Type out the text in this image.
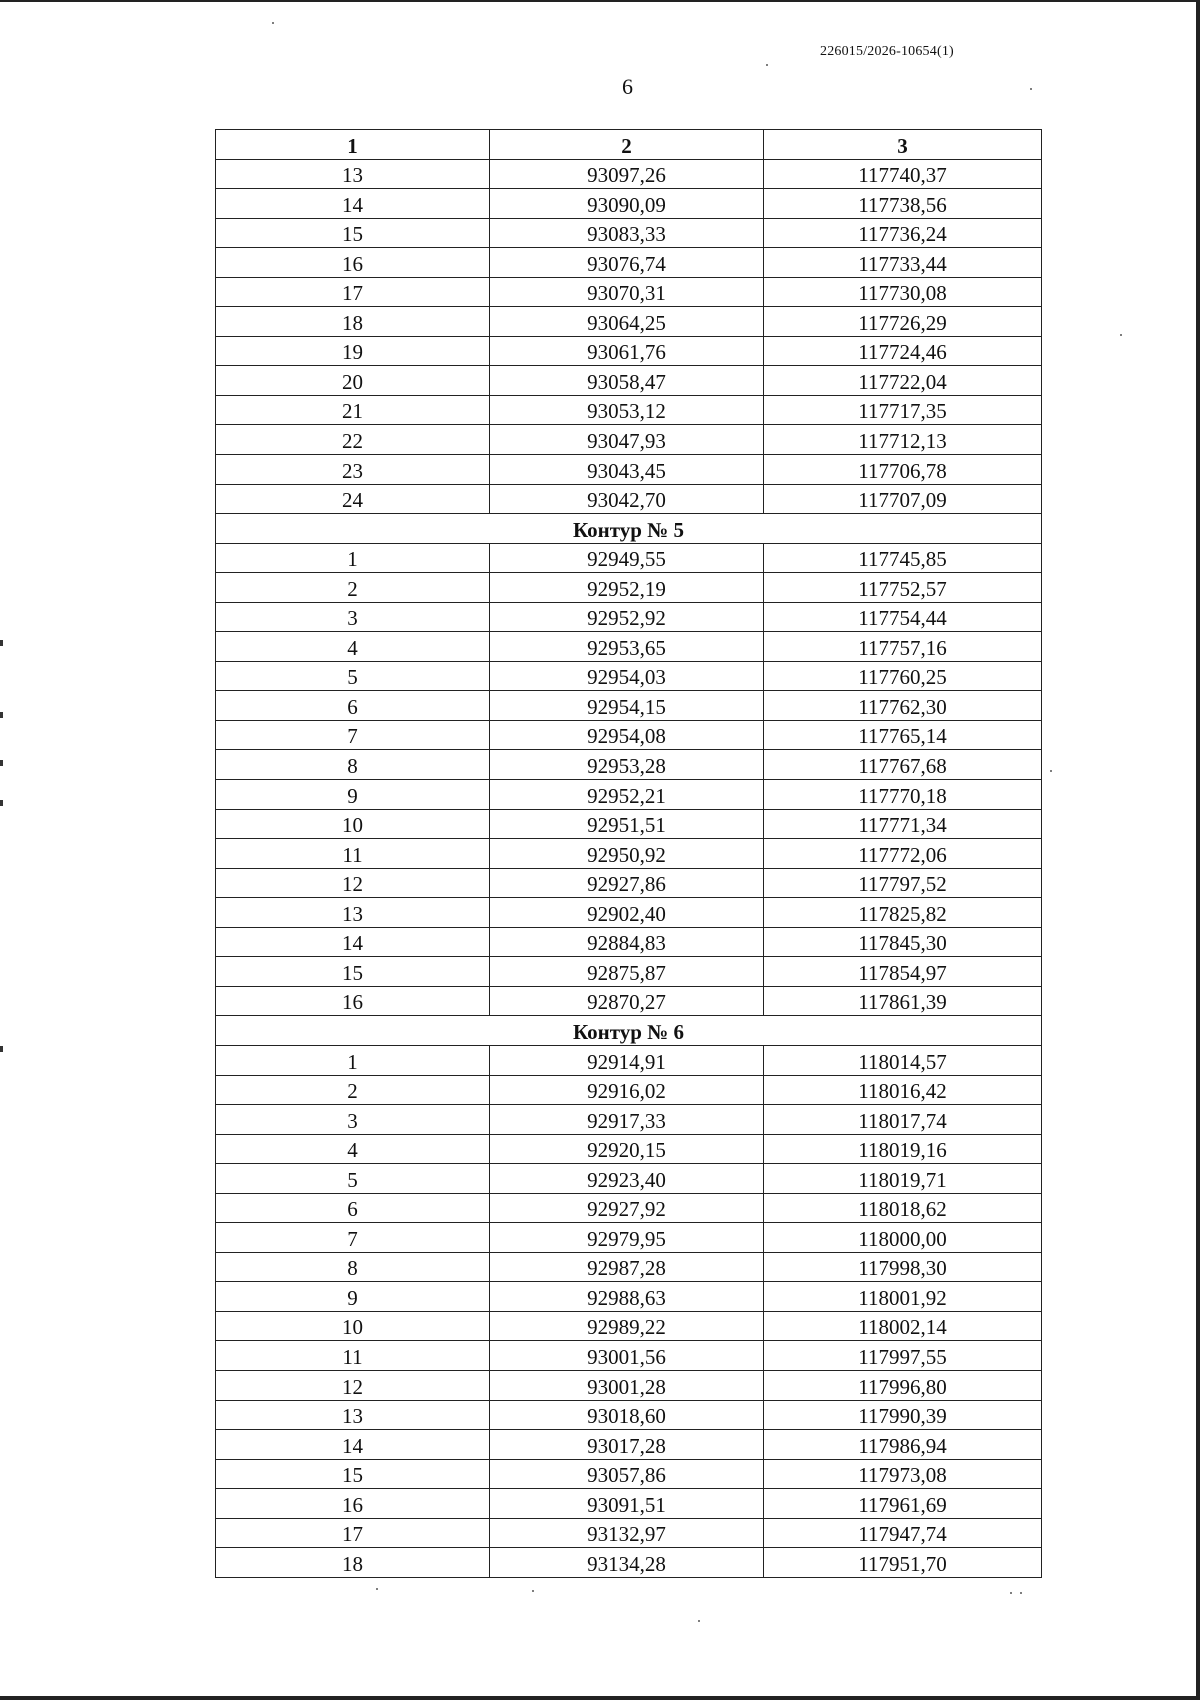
226015/2026-10654(1)
6
1	2	3
13	93097,26	117740,37
14	93090,09	117738,56
15	93083,33	117736,24
16	93076,74	117733,44
17	93070,31	117730,08
18	93064,25	117726,29
19	93061,76	117724,46
20	93058,47	117722,04
21	93053,12	117717,35
22	93047,93	117712,13
23	93043,45	117706,78
24	93042,70	117707,09
Контур № 5		
1	92949,55	117745,85
2	92952,19	117752,57
3	92952,92	117754,44
4	92953,65	117757,16
5	92954,03	117760,25
6	92954,15	117762,30
7	92954,08	117765,14
8	92953,28	117767,68
9	92952,21	117770,18
10	92951,51	117771,34
11	92950,92	117772,06
12	92927,86	117797,52
13	92902,40	117825,82
14	92884,83	117845,30
15	92875,87	117854,97
16	92870,27	117861,39
Контур № 6		
1	92914,91	118014,57
2	92916,02	118016,42
3	92917,33	118017,74
4	92920,15	118019,16
5	92923,40	118019,71
6	92927,92	118018,62
7	92979,95	118000,00
8	92987,28	117998,30
9	92988,63	118001,92
10	92989,22	118002,14
11	93001,56	117997,55
12	93001,28	117996,80
13	93018,60	117990,39
14	93017,28	117986,94
15	93057,86	117973,08
16	93091,51	117961,69
17	93132,97	117947,74
18	93134,28	117951,70
